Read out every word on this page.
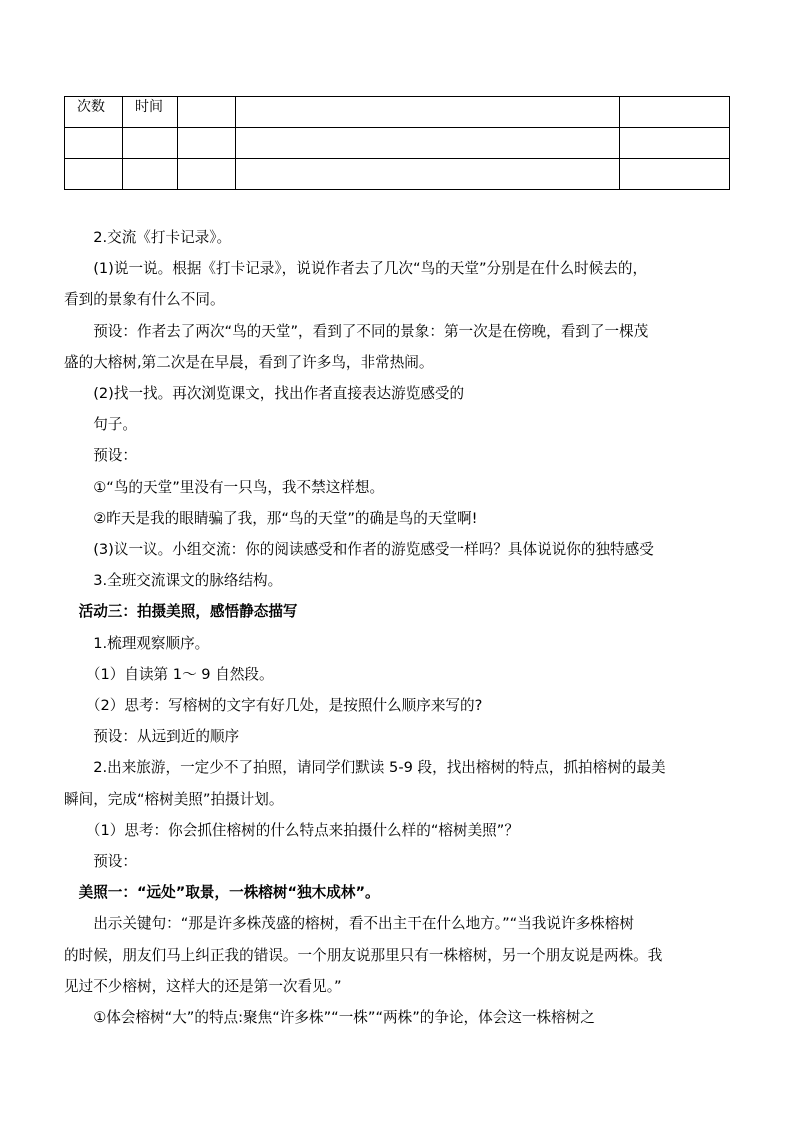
次数	时间			

2.交流《打卡记录》。

(1)说一说。根据《打卡记录》，说说作者去了几次“鸟的天堂”分别是在什么时候去的，

看到的景象有什么不同。

预设：作者去了两次“鸟的天堂”，看到了不同的景象：第一次是在傍晚，看到了一棵茂

盛的大榕树,第二次是在早晨，看到了许多鸟，非常热闹。

(2)找一找。再次浏览课文，找出作者直接表达游览感受的

句子。

预设：

①“鸟的天堂”里没有一只鸟，我不禁这样想。

②昨天是我的眼睛骗了我，那“鸟的天堂”的确是鸟的天堂啊!

(3)议一议。小组交流：你的阅读感受和作者的游览感受一样吗？具体说说你的独特感受

3.全班交流课文的脉络结构。

活动三：拍摄美照，感悟静态描写

1.梳理观察顺序。

（1）自读第 1～ 9 自然段。

（2）思考：写榕树的文字有好几处，是按照什么顺序来写的?

预设：从远到近的顺序

2.出来旅游，一定少不了拍照，请同学们默读 5-9 段，找出榕树的特点，抓拍榕树的最美

瞬间，完成“榕树美照”拍摄计划。

（1）思考：你会抓住榕树的什么特点来拍摄什么样的“榕树美照”？

预设：

美照一：“远处”取景，一株榕树“独木成林”。

出示关键句：“那是许多株茂盛的榕树，看不出主干在什么地方。”“当我说许多株榕树

的时候，朋友们马上纠正我的错误。一个朋友说那里只有一株榕树，另一个朋友说是两株。我

见过不少榕树，这样大的还是第一次看见。”

①体会榕树“大”的特点:聚焦“许多株”“一株”“两株”的争论，体会这一株榕树之
